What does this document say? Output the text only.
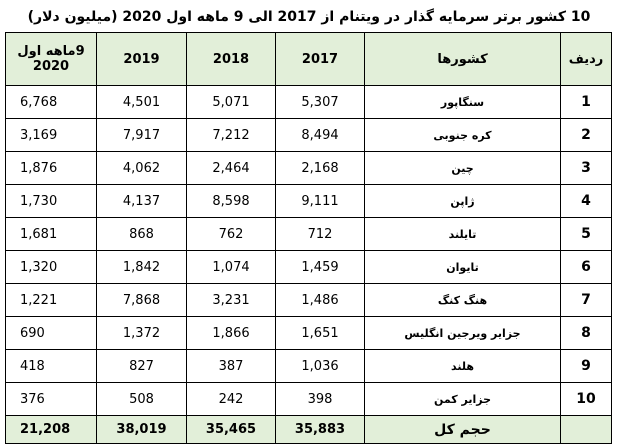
10 کشور برتر سرمایه گذار در ویتنام از 2017 الی 9 ماهه اول 2020 (میلیون دلار)
9ماهه اول 2020	2019	2018	2017	کشورها	ردیف
6,768	4,501	5,071	5,307	سنگاپور	1
3,169	7,917	7,212	8,494	کره جنوبی	2
1,876	4,062	2,464	2,168	چین	3
1,730	4,137	8,598	9,111	ژاپن	4
1,681	868	762	712	تایلند	5
1,320	1,842	1,074	1,459	تایوان	6
1,221	7,868	3,231	1,486	هنگ کنگ	7
690	1,372	1,866	1,651	جزایر ویرجین انگلیس	8
418	827	387	1,036	هلند	9
376	508	242	398	جزایر کمن	10
21,208	38,019	35,465	35,883	حجم کل	
